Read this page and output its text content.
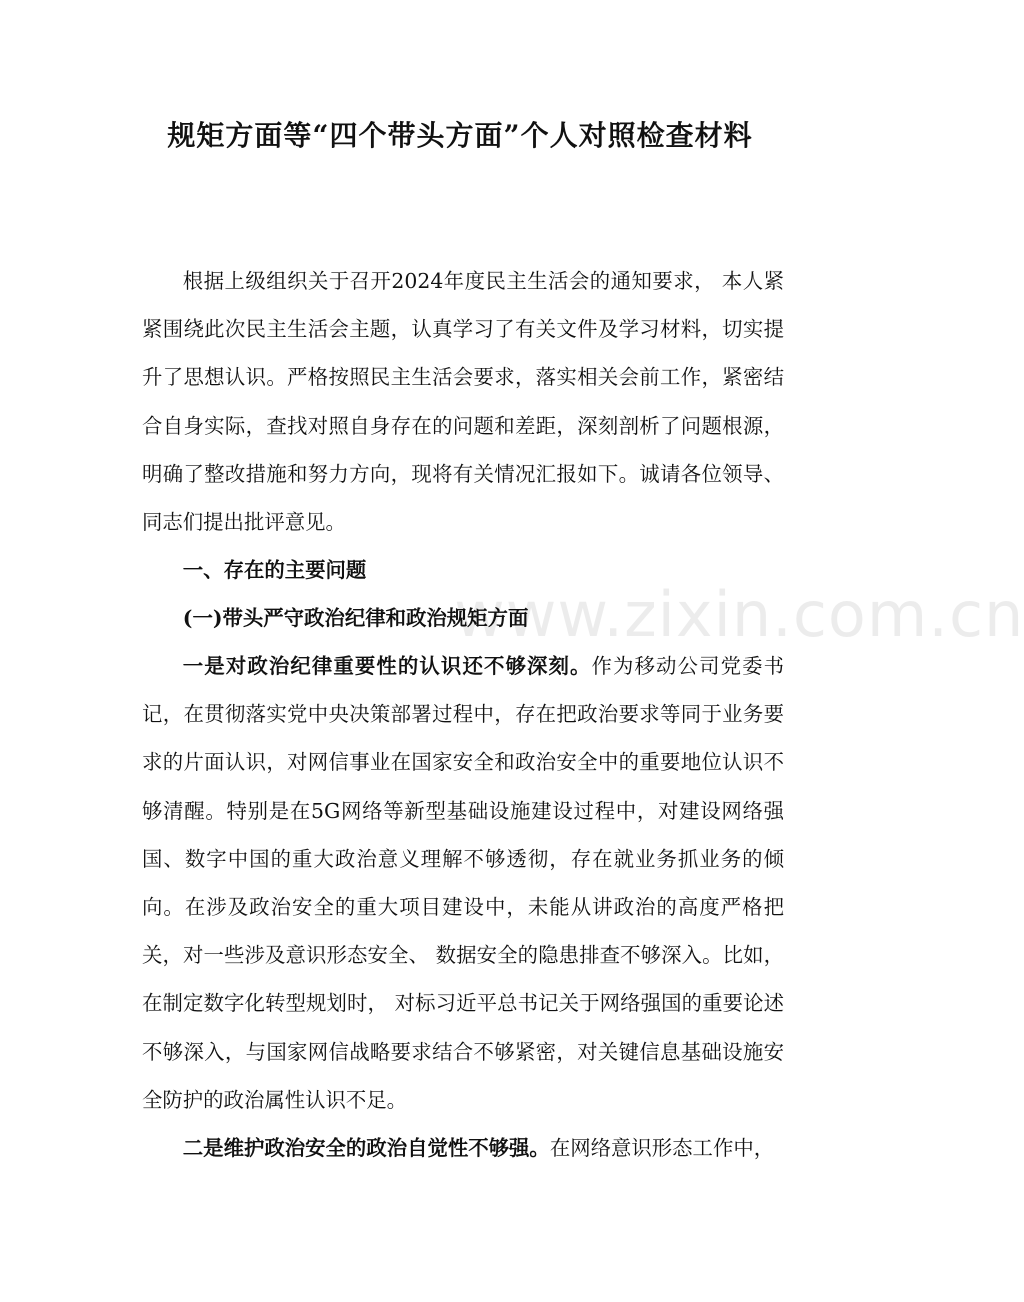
规矩方面等“四个带头方面”个人对照检查材料

根据上级组织关于召开2024年度民主生活会的通知要求， 本人紧紧围绕此次民主生活会主题，认真学习了有关文件及学习材料，切实提升了思想认识。严格按照民主生活会要求，落实相关会前工作，紧密结合自身实际，查找对照自身存在的问题和差距，深刻剖析了问题根源，明确了整改措施和努力方向，现将有关情况汇报如下。诚请各位领导、同志们提出批评意见。

一、存在的主要问题

(一)带头严守政治纪律和政治规矩方面

一是对政治纪律重要性的认识还不够深刻。作为移动公司党委书记，在贯彻落实党中央决策部署过程中，存在把政治要求等同于业务要求的片面认识，对网信事业在国家安全和政治安全中的重要地位认识不够清醒。特别是在5G网络等新型基础设施建设过程中，对建设网络强国、数字中国的重大政治意义理解不够透彻，存在就业务抓业务的倾向。在涉及政治安全的重大项目建设中，未能从讲政治的高度严格把关，对一些涉及意识形态安全、 数据安全的隐患排查不够深入。比如，在制定数字化转型规划时， 对标习近平总书记关于网络强国的重要论述不够深入，与国家网信战略要求结合不够紧密，对关键信息基础设施安全防护的政治属性认识不足。

二是维护政治安全的政治自觉性不够强。在网络意识形态工作中，

www.zixin.com.cn
